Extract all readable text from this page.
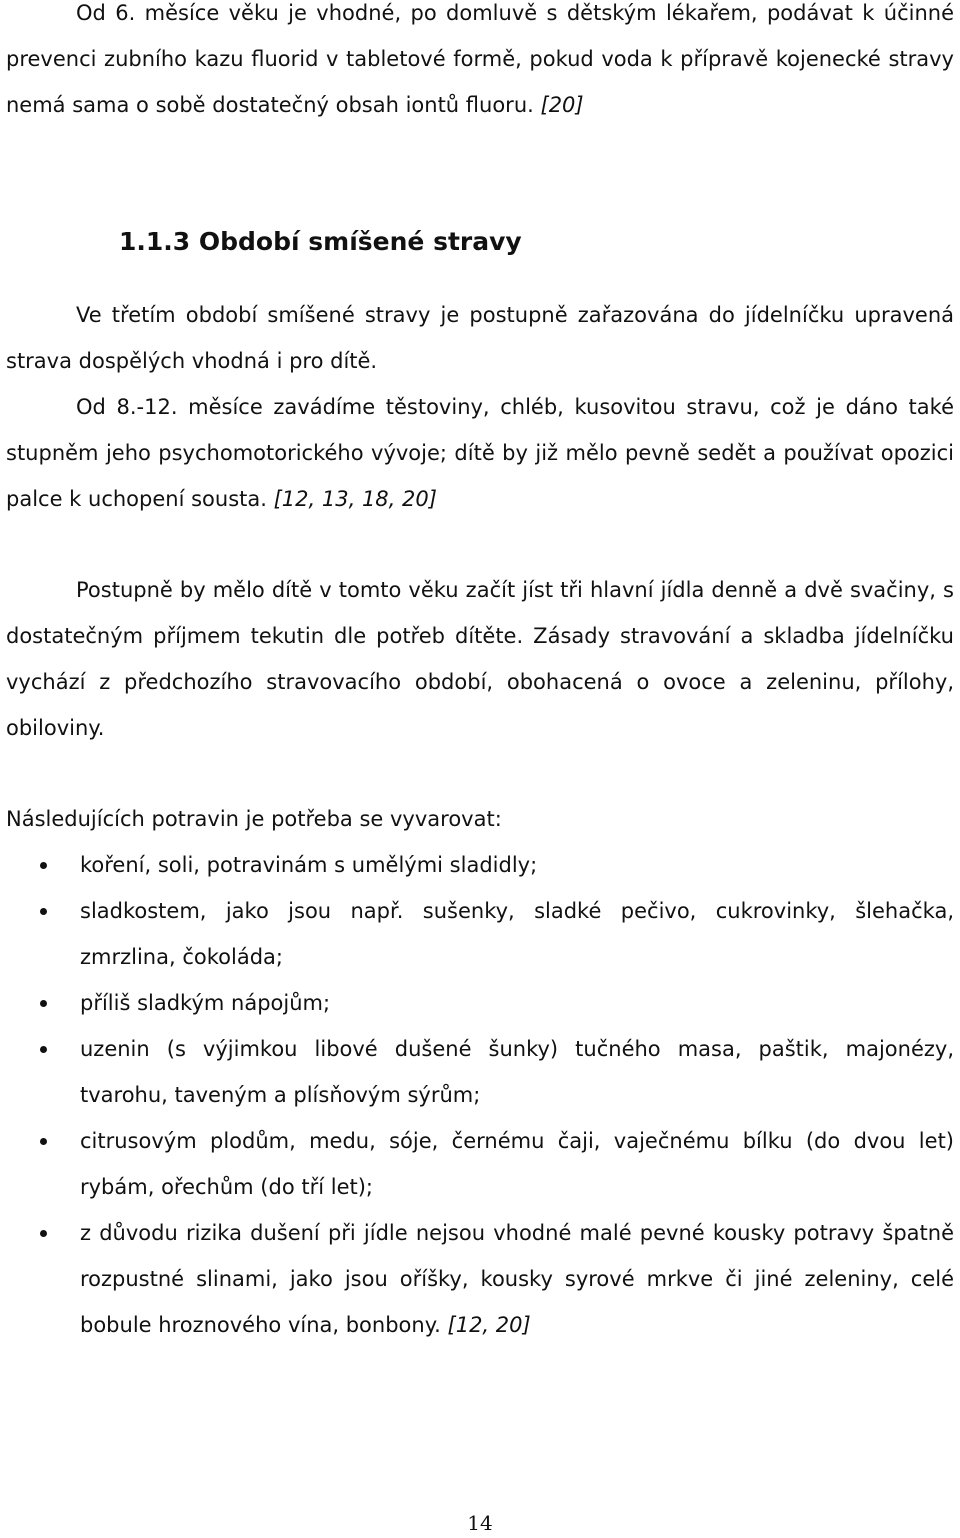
Od 6. měsíce věku je vhodné, po domluvě s dětským lékařem, podávat k účinné prevenci zubního kazu fluorid v tabletové formě, pokud voda k přípravě kojenecké stravy nemá sama o sobě dostatečný obsah iontů fluoru. [20]

1.1.3 Období smíšené stravy

Ve třetím období smíšené stravy je postupně zařazována do jídelníčku upravená strava dospělých vhodná i pro dítě.

Od 8.-12. měsíce zavádíme těstoviny, chléb, kusovitou stravu, což je dáno také stupněm jeho psychomotorického vývoje; dítě by již mělo pevně sedět a používat opozici palce k uchopení sousta. [12, 13, 18, 20]

Postupně by mělo dítě v tomto věku začít jíst tři hlavní jídla denně a dvě svačiny, s dostatečným příjmem tekutin dle potřeb dítěte. Zásady stravování a skladba jídelníčku vychází z předchozího stravovacího období, obohacená o ovoce a zeleninu, přílohy, obiloviny.

Následujících potravin je potřeba se vyvarovat:

koření, soli, potravinám s umělými sladidly;
sladkostem, jako jsou např. sušenky, sladké pečivo, cukrovinky, šlehačka, zmrzlina, čokoláda;
příliš sladkým nápojům;
uzenin (s výjimkou libové dušené šunky) tučného masa, paštik, majonézy, tvarohu, taveným a plísňovým sýrům;
citrusovým plodům, medu, sóje, černému čaji, vaječnému bílku (do dvou let) rybám, ořechům (do tří let);
z důvodu rizika dušení při jídle nejsou vhodné malé pevné kousky potravy špatně rozpustné slinami, jako jsou oříšky, kousky syrové mrkve či jiné zeleniny, celé bobule hroznového vína, bonbony. [12, 20]
14
